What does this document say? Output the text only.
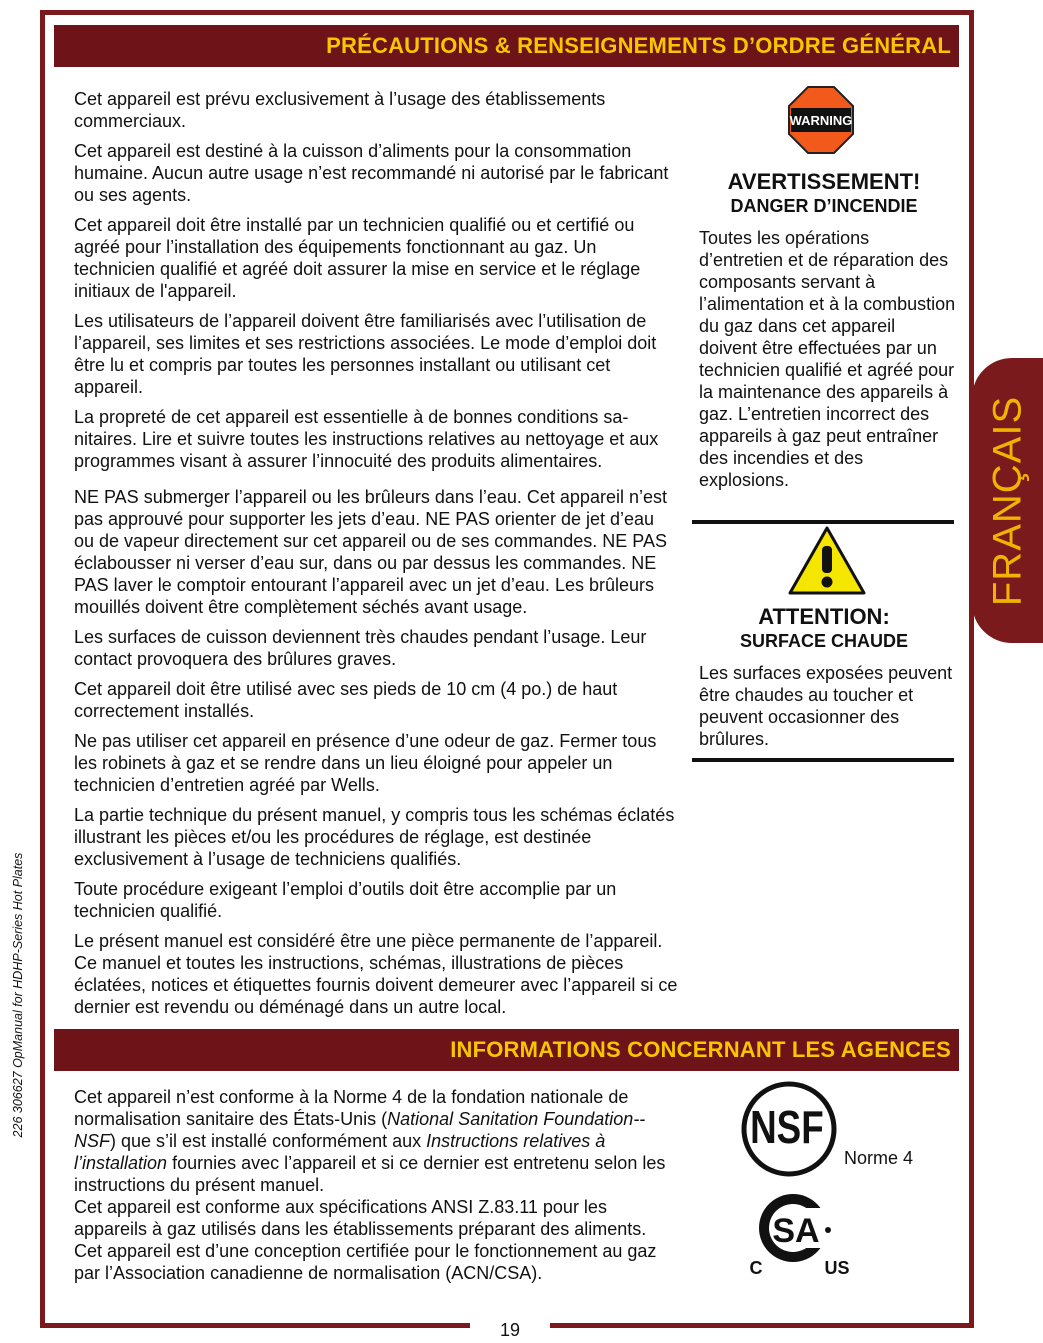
PRÉCAUTIONS & RENSEIGNEMENTS D’ORDRE GÉNÉRAL

Cet appareil est prévu exclusivement à l’usage des établissements commerciaux.

Cet appareil est destiné à la cuisson d’aliments pour la consommation humaine. Aucun autre usage n’est recommandé ni autorisé par le fabricant ou ses agents.

Cet appareil doit être installé par un technicien qualifié ou et certifié ou agréé pour l’installation des équipements fonctionnant au gaz. Un technicien qualifié et agréé doit assurer la mise en service et le réglage initiaux de l'appareil.

Les utilisateurs de l’appareil doivent être familiarisés avec l’utilisation de l’appareil, ses limites et ses restrictions associées. Le mode d’emploi doit être lu et compris par toutes les personnes installant ou utilisant cet appareil.

La propreté de cet appareil est essentielle à de bonnes conditions sa-nitaires. Lire et suivre toutes les instructions relatives au nettoyage et aux programmes visant à assurer l’innocuité des produits alimentaires.

NE PAS submerger l’appareil ou les brûleurs dans l’eau. Cet appareil n’est pas approuvé pour supporter les jets d’eau. NE PAS orienter de jet d’eau ou de vapeur directement sur cet appareil ou de ses commandes. NE PAS éclabousser ni verser d’eau sur, dans ou par dessus les commandes. NE PAS laver le comptoir entourant l’appareil avec un jet d’eau. Les brûleurs mouillés doivent être complètement séchés avant usage.

Les surfaces de cuisson deviennent très chaudes pendant l’usage. Leur contact provoquera des brûlures graves.

Cet appareil doit être utilisé avec ses pieds de 10 cm (4 po.) de haut correctement installés.

Ne pas utiliser cet appareil en présence d’une odeur de gaz. Fermer tous les robinets à gaz et se rendre dans un lieu éloigné pour appeler un technicien d’entretien agréé par Wells.

La partie technique du présent manuel, y compris tous les schémas éclatés illustrant les pièces et/ou les procédures de réglage, est destinée exclusivement à l’usage de techniciens qualifiés.

Toute procédure exigeant l’emploi d’outils doit être accomplie par un technicien qualifié.

Le présent manuel est considéré être une pièce permanente de l’appareil. Ce manuel et toutes les instructions, schémas, illustrations de pièces éclatées, notices et étiquettes fournis doivent demeurer avec l’appareil si ce dernier est revendu ou déménagé dans un autre local.

WARNING
AVERTISSEMENT!
DANGER D’INCENDIE
Toutes les opérations d’entretien et de réparation des composants servant à l’alimentation et à la combustion du gaz dans cet appareil doivent être effectuées par un technicien qualifié et agréé pour la maintenance des appareils à gaz. L’entretien incorrect des appareils à gaz peut entraîner des incendies et des explosions.
ATTENTION:
SURFACE CHAUDE
Les surfaces exposées peuvent être chaudes au toucher et peuvent occasionner des brûlures.
FRANÇAIS
INFORMATIONS CONCERNANT LES AGENCES

Cet appareil n’est conforme à la Norme 4 de la fondation nationale de normalisation sanitaire des États-Unis (National Sanitation Foundation--NSF) que s’il est installé conformément aux Instructions relatives à l’installation fournies avec l’appareil et si ce dernier est entretenu selon les instructions du présent manuel.

Cet appareil est conforme aux spécifications ANSI Z.83.11 pour les appareils à gaz utilisés dans les établissements préparant des aliments.

Cet appareil est d’une conception certifiée pour le fonctionnement au gaz par l’Association canadienne de normalisation (ACN/CSA).

NSF
Norme 4
SA
C	US
226 306627 OpManual for HDHP-Series Hot Plates
19
